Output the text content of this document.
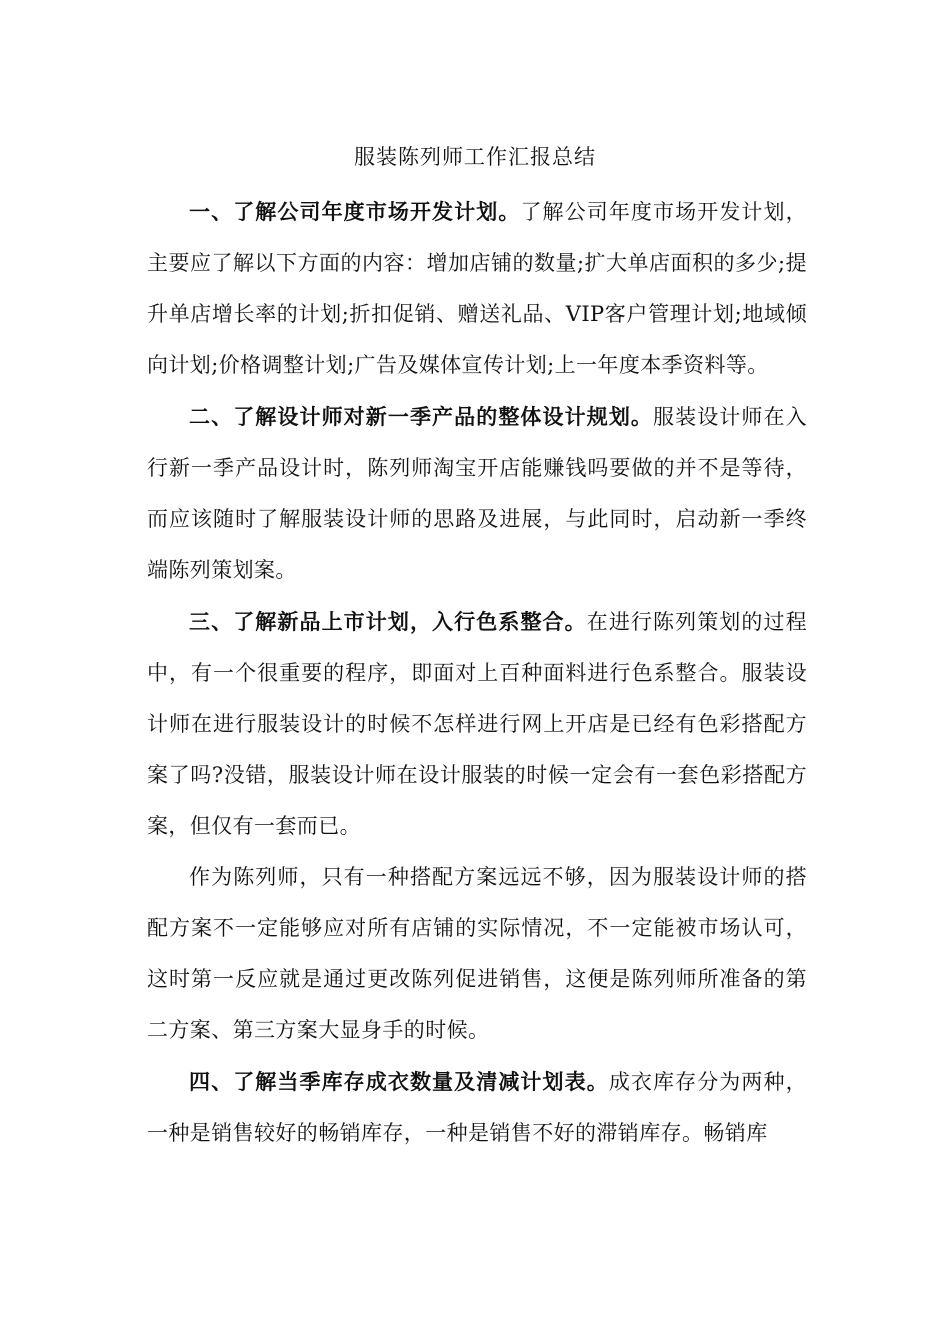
服装陈列师工作汇报总结

一、了解公司年度市场开发计划。了解公司年度市场开发计划，主要应了解以下方面的内容：增加店铺的数量;扩大单店面积的多少;提升单店增长率的计划;折扣促销、赠送礼品、VIP客户管理计划;地域倾向计划;价格调整计划;广告及媒体宣传计划;上一年度本季资料等。

二、了解设计师对新一季产品的整体设计规划。服装设计师在入行新一季产品设计时，陈列师淘宝开店能赚钱吗要做的并不是等待，而应该随时了解服装设计师的思路及进展，与此同时，启动新一季终端陈列策划案。

三、了解新品上市计划，入行色系整合。在进行陈列策划的过程中，有一个很重要的程序，即面对上百种面料进行色系整合。服装设计师在进行服装设计的时候不怎样进行网上开店是已经有色彩搭配方案了吗?没错，服装设计师在设计服装的时候一定会有一套色彩搭配方案，但仅有一套而已。

作为陈列师，只有一种搭配方案远远不够，因为服装设计师的搭配方案不一定能够应对所有店铺的实际情况，不一定能被市场认可，这时第一反应就是通过更改陈列促进销售，这便是陈列师所准备的第二方案、第三方案大显身手的时候。

四、了解当季库存成衣数量及清减计划表。成衣库存分为两种，一种是销售较好的畅销库存，一种是销售不好的滞销库存。畅销库
